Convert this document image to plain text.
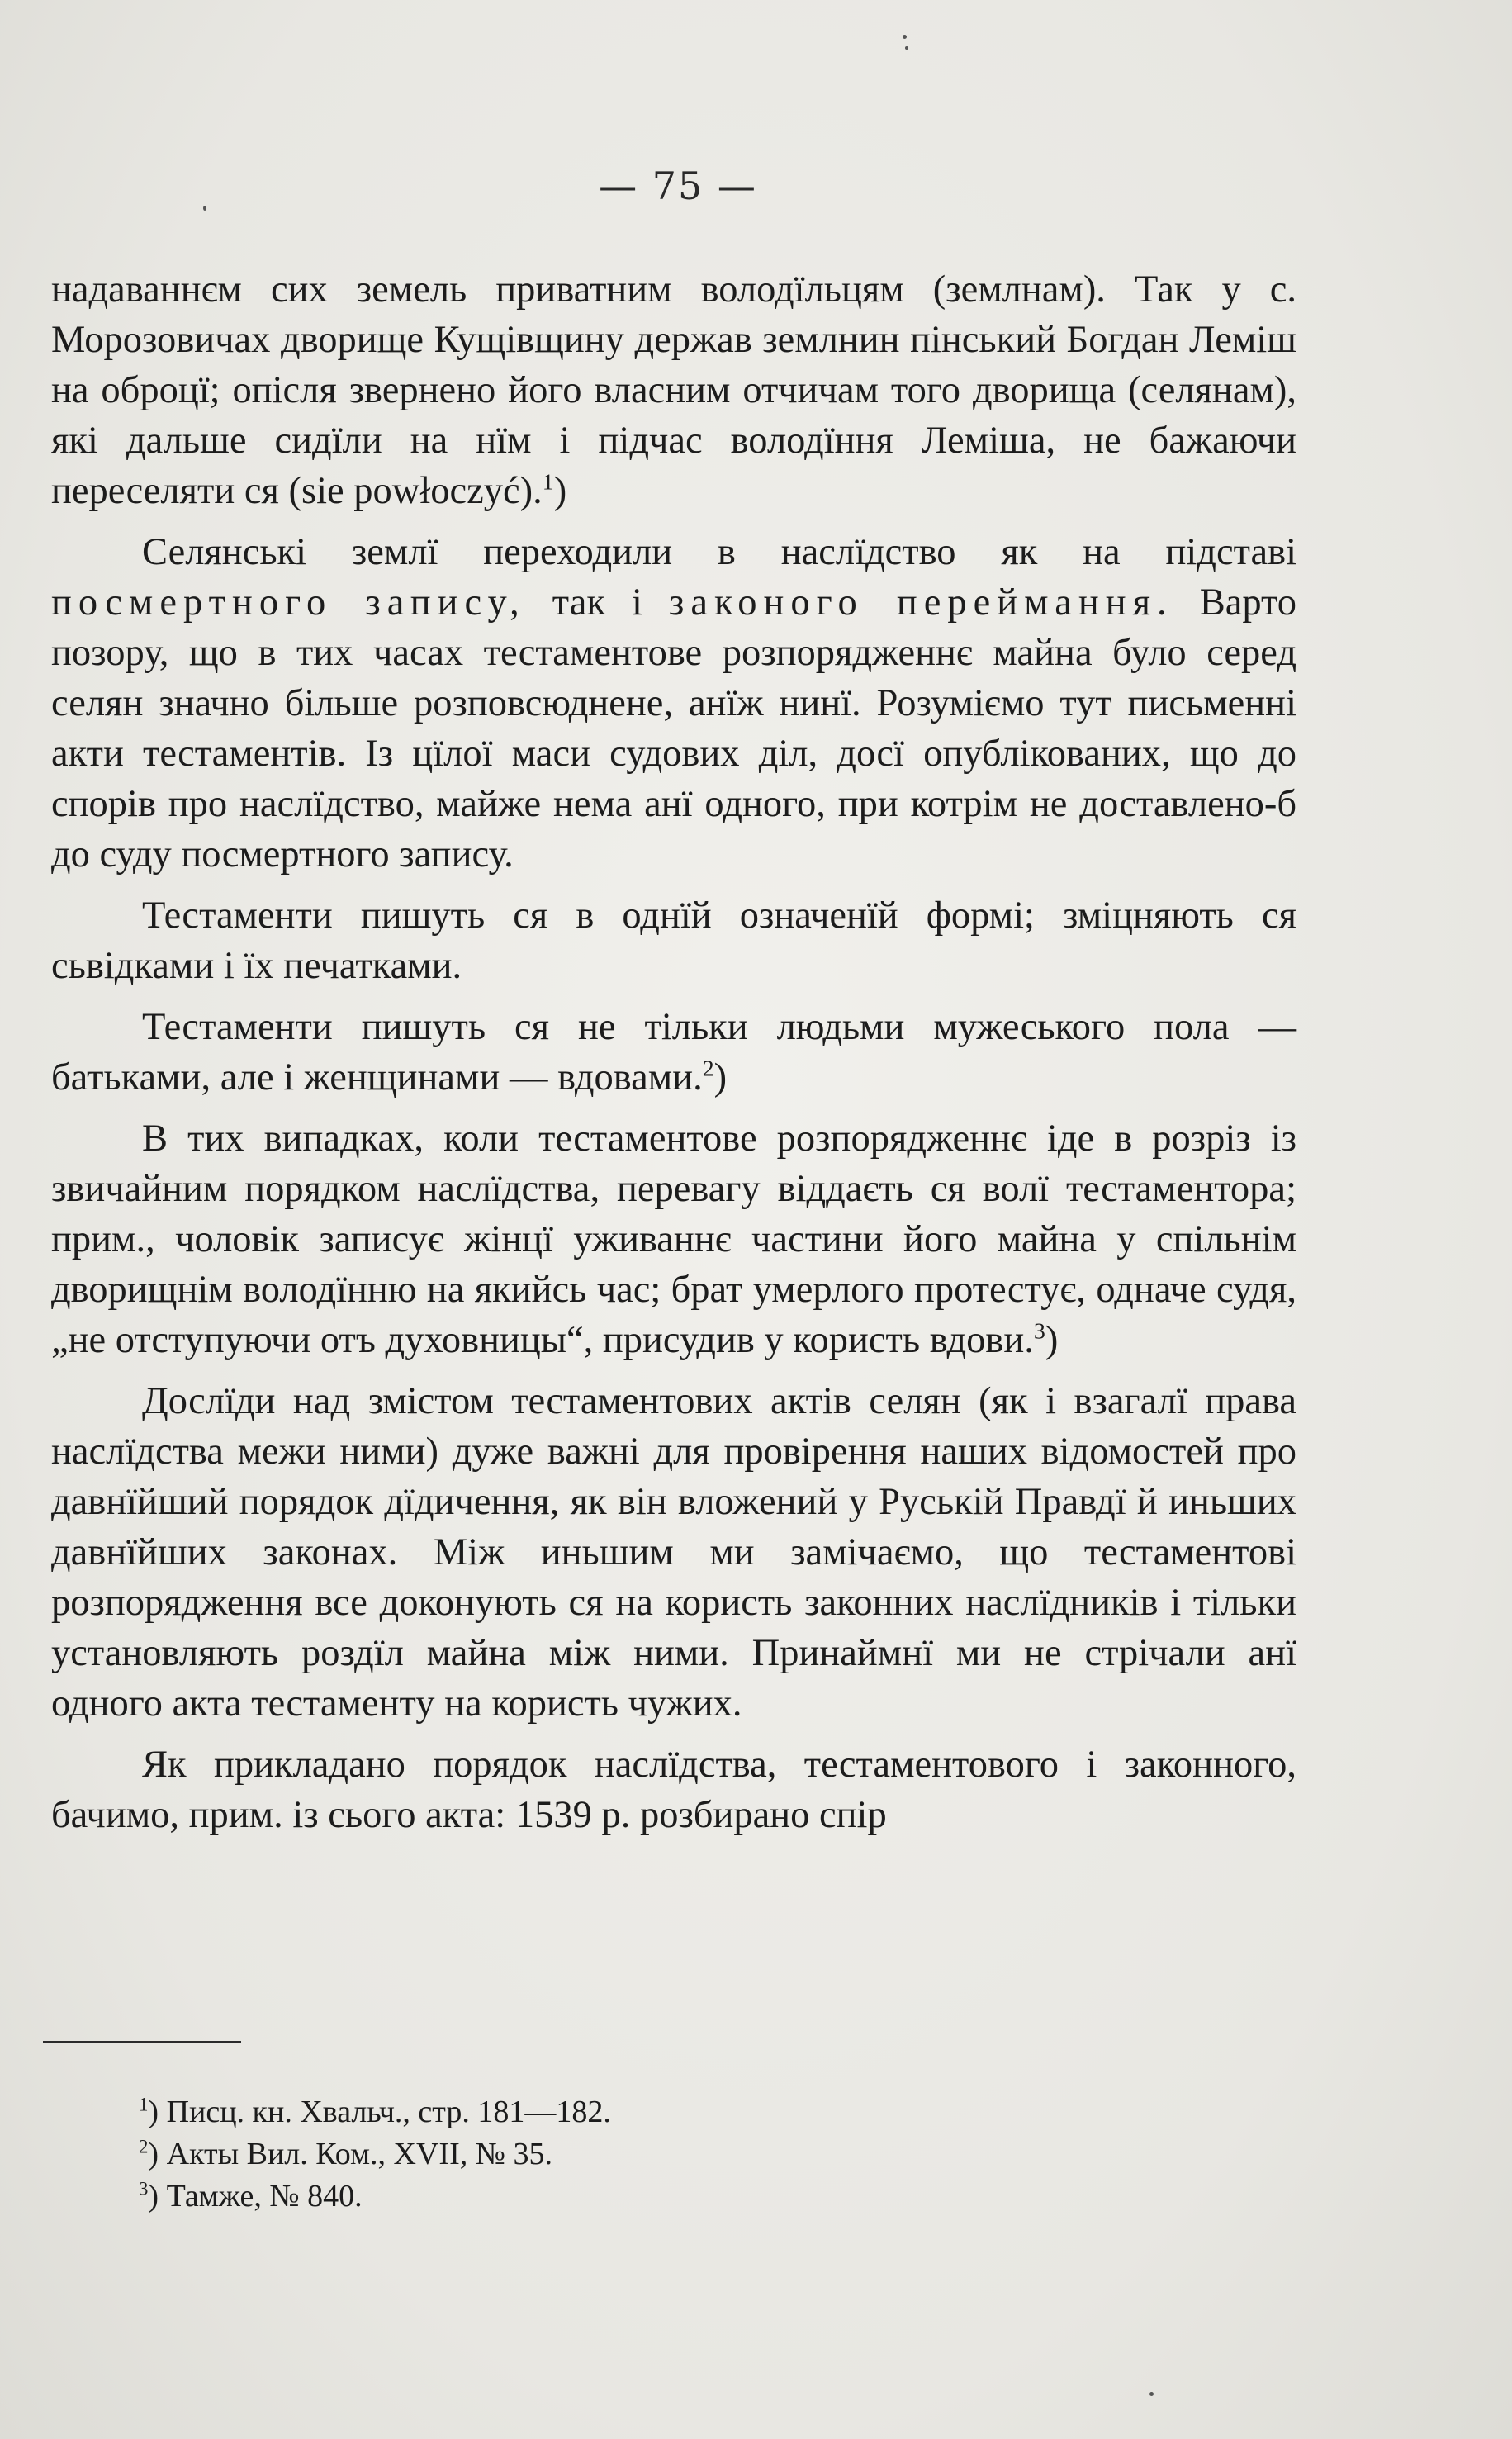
— 75 —

надаваннєм сих земель приватним володїльцям (землнам). Так у с. Морозовичах дворище Кущівщину держав землнин пінський Богдан Леміш на оброцї; опісля звернено його власним отчичам того дворища (селянам), які дальше сидїли на нїм і підчас володїння Леміша, не бажаючи переселяти ся (sie powłoczyć).$^1$)

Селянські землї переходили в наслїдство як на підставі посмертного запису, так і законого переймання. Варто позору, що в тих часах тестаментове розпорядженнє майна було серед селян значно більше розповсюднене, анїж нинї. Розуміємо тут письменні акти тестаментів. Із цїлої маси судових діл, досї опублікованих, що до спорів про наслїдство, майже нема анї одного, при котрім не доставлено-б до суду посмертного запису.

Тестаменти пишуть ся в однїй означенїй формі; зміцняють ся сьвідками і їх печатками.

Тестаменти пишуть ся не тільки людьми мужеського пола — батьками, але і женщинами — вдовами.$^2$)

В тих випадках, коли тестаментове розпорядженнє іде в розріз із звичайним порядком наслїдства, перевагу віддаєть ся волї тестаментора; прим., чоловік записує жінцї уживаннє частини його майна у спільнім дворищнім володїнню на якийсь час; брат умерлого протестує, одначе судя, „не отступуючи отъ духовницы“, присудив у користь вдови.$^3$)

Дослїди над змістом тестаментових актів селян (як і взагалї права наслїдства межи ними) дуже важні для провірення наших відомостей про давнїйший порядок дїдичення, як він вложений у Руській Правдї й иньших давнїйших законах. Між иньшим ми замічаємо, що тестаментові розпорядження все доконують ся на користь законних наслїдників і тільки установляють роздїл майна між ними. Принаймнї ми не стрічали анї одного акта тестаменту на користь чужих.

Як прикладано порядок наслїдства, тестаментового і законного, бачимо, прим. із сього акта: 1539 р. розбирано спір

$^1$) Писц. кн. Хвальч., стр. 181—182.
$^2$) Акты Вил. Ком., XVII, № 35.
$^3$) Тамже, № 840.
